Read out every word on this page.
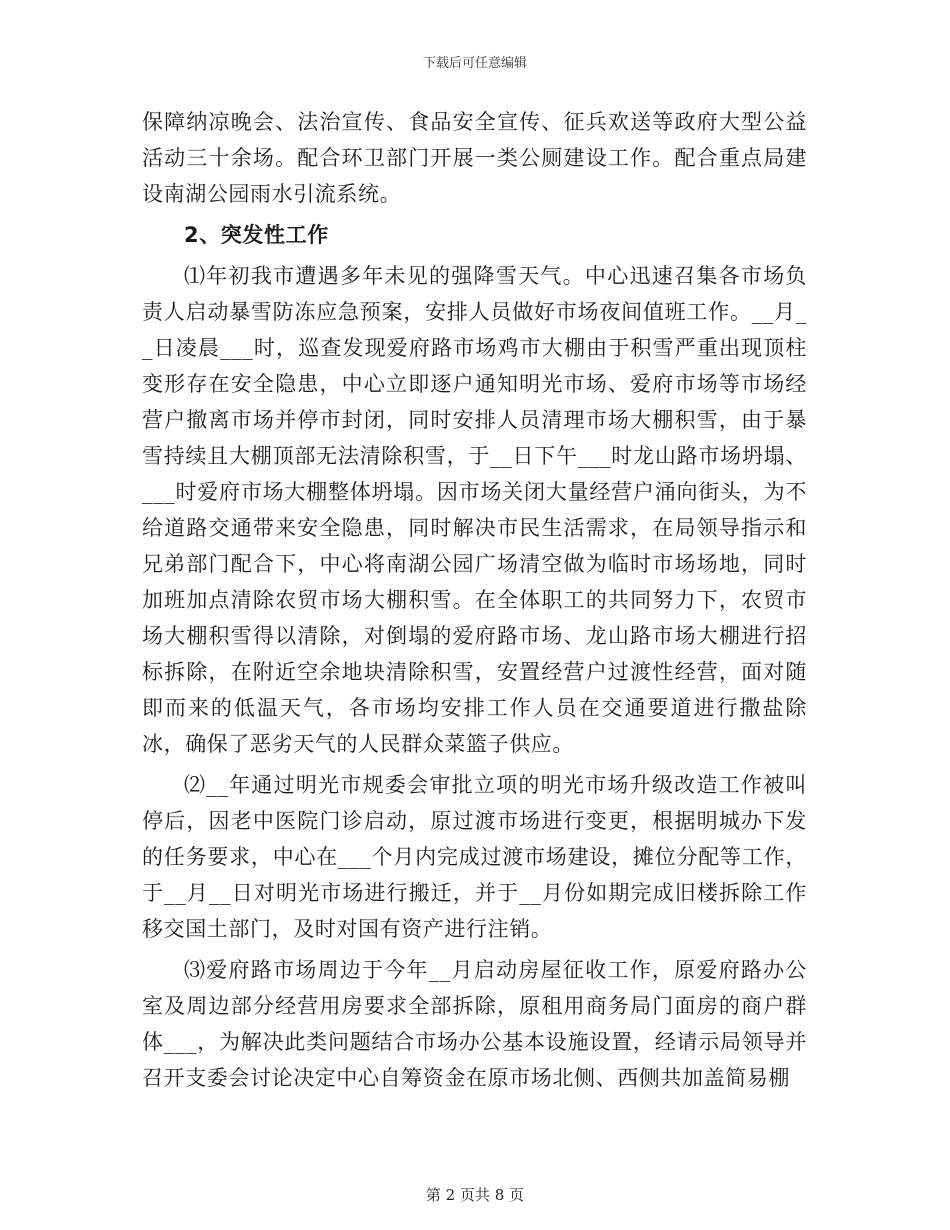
下载后可任意编辑

保障纳凉晚会、法治宣传、食品安全宣传、征兵欢送等政府大型公益活动三十余场。配合环卫部门开展一类公厕建设工作。配合重点局建设南湖公园雨水引流系统。

2、突发性工作

⑴年初我市遭遇多年未见的强降雪天气。中心迅速召集各市场负责人启动暴雪防冻应急预案，安排人员做好市场夜间值班工作。__月__日凌晨___时，巡查发现爱府路市场鸡市大棚由于积雪严重出现顶柱变形存在安全隐患，中心立即逐户通知明光市场、爱府市场等市场经营户撤离市场并停市封闭，同时安排人员清理市场大棚积雪，由于暴雪持续且大棚顶部无法清除积雪，于__日下午___时龙山路市场坍塌、___时爱府市场大棚整体坍塌。因市场关闭大量经营户涌向街头，为不给道路交通带来安全隐患，同时解决市民生活需求，在局领导指示和兄弟部门配合下，中心将南湖公园广场清空做为临时市场场地，同时加班加点清除农贸市场大棚积雪。在全体职工的共同努力下，农贸市场大棚积雪得以清除，对倒塌的爱府路市场、龙山路市场大棚进行招标拆除，在附近空余地块清除积雪，安置经营户过渡性经营，面对随即而来的低温天气，各市场均安排工作人员在交通要道进行撒盐除冰，确保了恶劣天气的人民群众菜篮子供应。

⑵__年通过明光市规委会审批立项的明光市场升级改造工作被叫停后，因老中医院门诊启动，原过渡市场进行变更，根据明城办下发的任务要求，中心在___个月内完成过渡市场建设，摊位分配等工作，于__月__日对明光市场进行搬迁，并于__月份如期完成旧楼拆除工作移交国土部门，及时对国有资产进行注销。

⑶爱府路市场周边于今年__月启动房屋征收工作，原爱府路办公室及周边部分经营用房要求全部拆除，原租用商务局门面房的商户群体___，为解决此类问题结合市场办公基本设施设置，经请示局领导并召开支委会讨论决定中心自筹资金在原市场北侧、西侧共加盖简易棚

第 2 页共 8 页
